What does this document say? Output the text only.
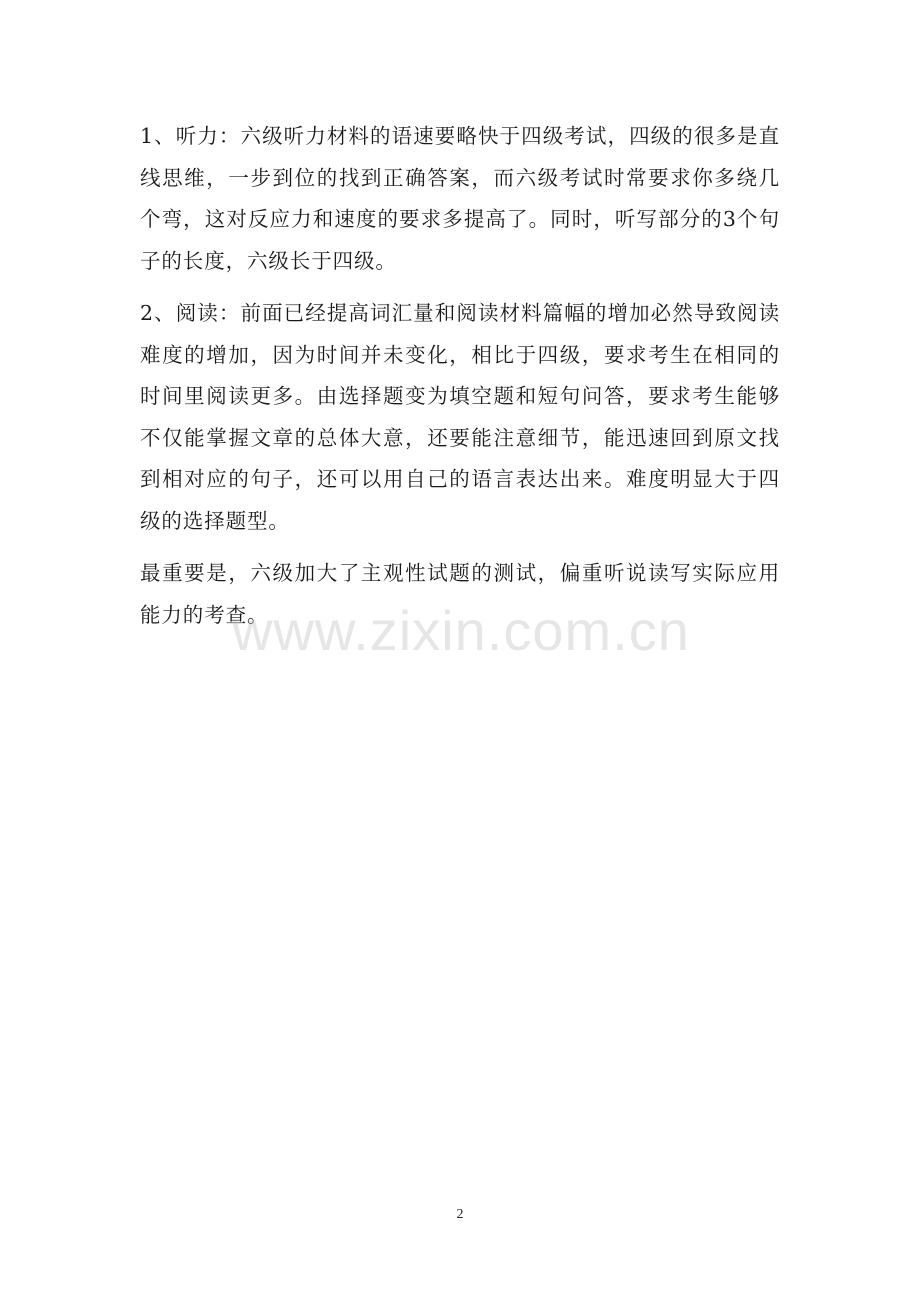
1、听力：六级听力材料的语速要略快于四级考试，四级的很多是直线思维，一步到位的找到正确答案，而六级考试时常要求你多绕几个弯，这对反应力和速度的要求多提高了。同时，听写部分的3个句子的长度，六级长于四级。

2、阅读：前面已经提高词汇量和阅读材料篇幅的增加必然导致阅读难度的增加，因为时间并未变化，相比于四级，要求考生在相同的时间里阅读更多。由选择题变为填空题和短句问答，要求考生能够不仅能掌握文章的总体大意，还要能注意细节，能迅速回到原文找到相对应的句子，还可以用自己的语言表达出来。难度明显大于四级的选择题型。

最重要是，六级加大了主观性试题的测试，偏重听说读写实际应用能力的考查。

www.zixin.com.cn
2
